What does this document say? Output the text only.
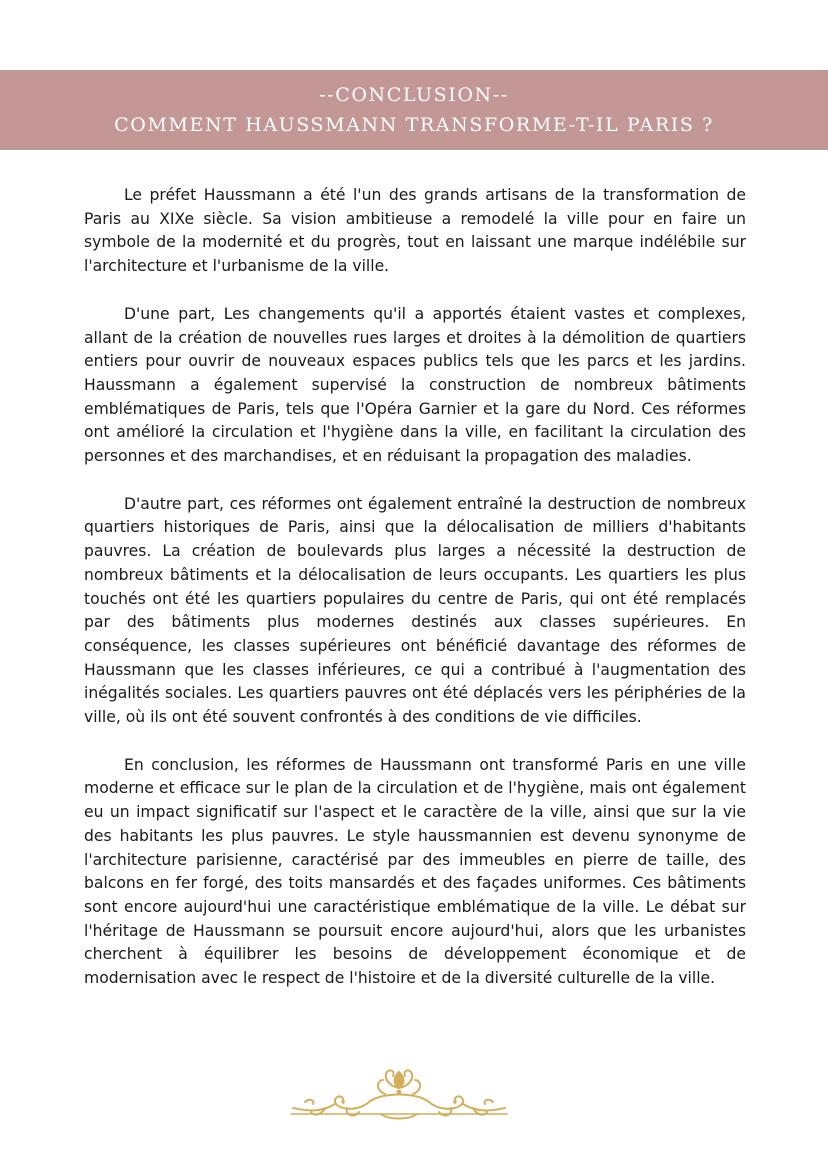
--CONCLUSION--
COMMENT HAUSSMANN TRANSFORME-T-IL PARIS ?

Le préfet Haussmann a été l'un des grands artisans de la transformation de Paris au XIXe siècle. Sa vision ambitieuse a remodelé la ville pour en faire un symbole de la modernité et du progrès, tout en laissant une marque indélébile sur l'architecture et l'urbanisme de la ville.

D'une part, Les changements qu'il a apportés étaient vastes et complexes, allant de la création de nouvelles rues larges et droites à la démolition de quartiers entiers pour ouvrir de nouveaux espaces publics tels que les parcs et les jardins. Haussmann a également supervisé la construction de nombreux bâtiments emblématiques de Paris, tels que l'Opéra Garnier et la gare du Nord. Ces réformes ont amélioré la circulation et l'hygiène dans la ville, en facilitant la circulation des personnes et des marchandises, et en réduisant la propagation des maladies.

D'autre part, ces réformes ont également entraîné la destruction de nombreux quartiers historiques de Paris, ainsi que la délocalisation de milliers d'habitants pauvres. La création de boulevards plus larges a nécessité la destruction de nombreux bâtiments et la délocalisation de leurs occupants. Les quartiers les plus touchés ont été les quartiers populaires du centre de Paris, qui ont été remplacés par des bâtiments plus modernes destinés aux classes supérieures. En conséquence, les classes supérieures ont bénéficié davantage des réformes de Haussmann que les classes inférieures, ce qui a contribué à l'augmentation des inégalités sociales. Les quartiers pauvres ont été déplacés vers les périphéries de la ville, où ils ont été souvent confrontés à des conditions de vie difficiles.

En conclusion, les réformes de Haussmann ont transformé Paris en une ville moderne et efficace sur le plan de la circulation et de l'hygiène, mais ont également eu un impact significatif sur l'aspect et le caractère de la ville, ainsi que sur la vie des habitants les plus pauvres. Le style haussmannien est devenu synonyme de l'architecture parisienne, caractérisé par des immeubles en pierre de taille, des balcons en fer forgé, des toits mansardés et des façades uniformes. Ces bâtiments sont encore aujourd'hui une caractéristique emblématique de la ville. Le débat sur l'héritage de Haussmann se poursuit encore aujourd'hui, alors que les urbanistes cherchent à équilibrer les besoins de développement économique et de modernisation avec le respect de l'histoire et de la diversité culturelle de la ville.
